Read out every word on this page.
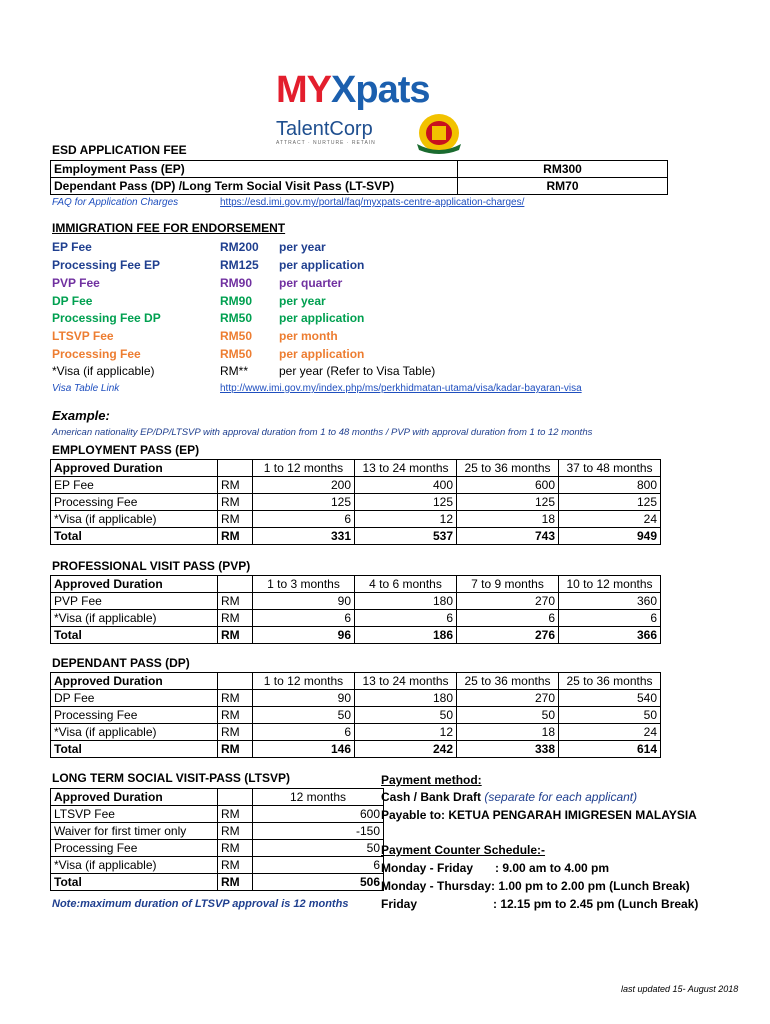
MYXpats
TalentCorp
ATTRACT · NURTURE · RETAIN
ESD APPLICATION FEE
Employment Pass (EP)	RM300
Dependant Pass (DP) /Long Term Social Visit Pass (LT-SVP)	RM70
FAQ for Application Charges	https://esd.imi.gov.my/portal/faq/myxpats-centre-application-charges/
IMMIGRATION FEE FOR ENDORSEMENT
EP Fee	RM200 per year
Processing Fee EP	RM125 per application
PVP Fee	RM90 per quarter
DP Fee	RM90 per year
Processing Fee DP	RM50 per application
LTSVP Fee	RM50 per month
Processing Fee	RM50 per application
*Visa (if applicable)	RM**	per year (Refer to Visa Table)
Visa Table Link	http://www.imi.gov.my/index.php/ms/perkhidmatan-utama/visa/kadar-bayaran-visa
Example:
American nationality EP/DP/LTSVP with approval duration from 1 to 48 months / PVP with approval duration from 1 to 12 months
EMPLOYMENT PASS (EP)
Approved Duration		1 to 12 months	13 to 24 months	25 to 36 months	37 to 48 months
EP Fee	RM	200	400	600	800
Processing Fee	RM	125	125	125	125
*Visa (if applicable)	RM	6	12	18	24
Total	RM	331	537	743	949
PROFESSIONAL VISIT PASS (PVP)
Approved Duration		1 to 3 months	4 to 6 months	7 to 9 months	10 to 12 months
PVP Fee	RM	90	180	270	360
*Visa (if applicable)	RM	6	6	6	6
Total	RM	96	186	276	366
DEPENDANT PASS (DP)
Approved Duration		1 to 12 months	13 to 24 months	25 to 36 months	25 to 36 months
DP Fee	RM	90	180	270	540
Processing Fee	RM	50	50	50	50
*Visa (if applicable)	RM	6	12	18	24
Total	RM	146	242	338	614
LONG TERM SOCIAL VISIT-PASS (LTSVP)
Approved Duration		12 months
LTSVP Fee	RM	600
Waiver for first timer only	RM	-150
Processing Fee	RM	50
*Visa (if applicable)	RM	6
Total	RM	506
Note:maximum duration of LTSVP approval is 12 months
Payment method:
Cash / Bank Draft (separate for each applicant)
Payable to: KETUA PENGARAH IMIGRESEN MALAYSIA
Payment Counter Schedule:-
Monday - Friday : 9.00 am to 4.00 pm
Monday - Thursday: 1.00 pm to 2.00 pm (Lunch Break)
Friday	: 12.15 pm to 2.45 pm (Lunch Break)
last updated 15- August 2018
